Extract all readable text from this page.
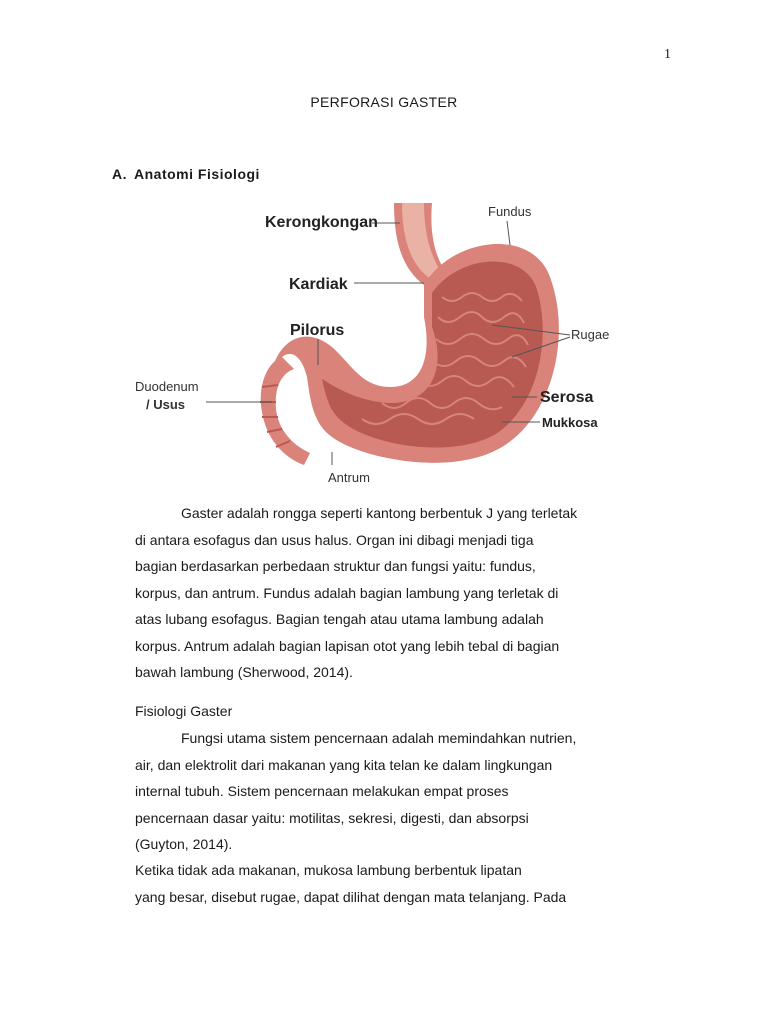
1
PERFORASI GASTER
A. Anatomi Fisiologi
Kerongkongan
Fundus
Kardiak
Pilorus	Rugae
Duodenum
/ Usus	Serosa
Mukkosa
Antrum

Gaster adalah rongga seperti kantong berbentuk J yang terletak

di antara esofagus dan usus halus. Organ ini dibagi menjadi tiga

bagian berdasarkan perbedaan struktur dan fungsi yaitu: fundus,

korpus, dan antrum. Fundus adalah bagian lambung yang terletak di

atas lubang esofagus. Bagian tengah atau utama lambung adalah

korpus. Antrum adalah bagian lapisan otot yang lebih tebal di bagian

bawah lambung (Sherwood, 2014).

Fisiologi Gaster

Fungsi utama sistem pencernaan adalah memindahkan nutrien,

air, dan elektrolit dari makanan yang kita telan ke dalam lingkungan

internal tubuh. Sistem pencernaan melakukan empat proses

pencernaan dasar yaitu: motilitas, sekresi, digesti, dan absorpsi

(Guyton, 2014).

Ketika tidak ada makanan, mukosa lambung berbentuk lipatan

yang besar, disebut rugae, dapat dilihat dengan mata telanjang. Pada
